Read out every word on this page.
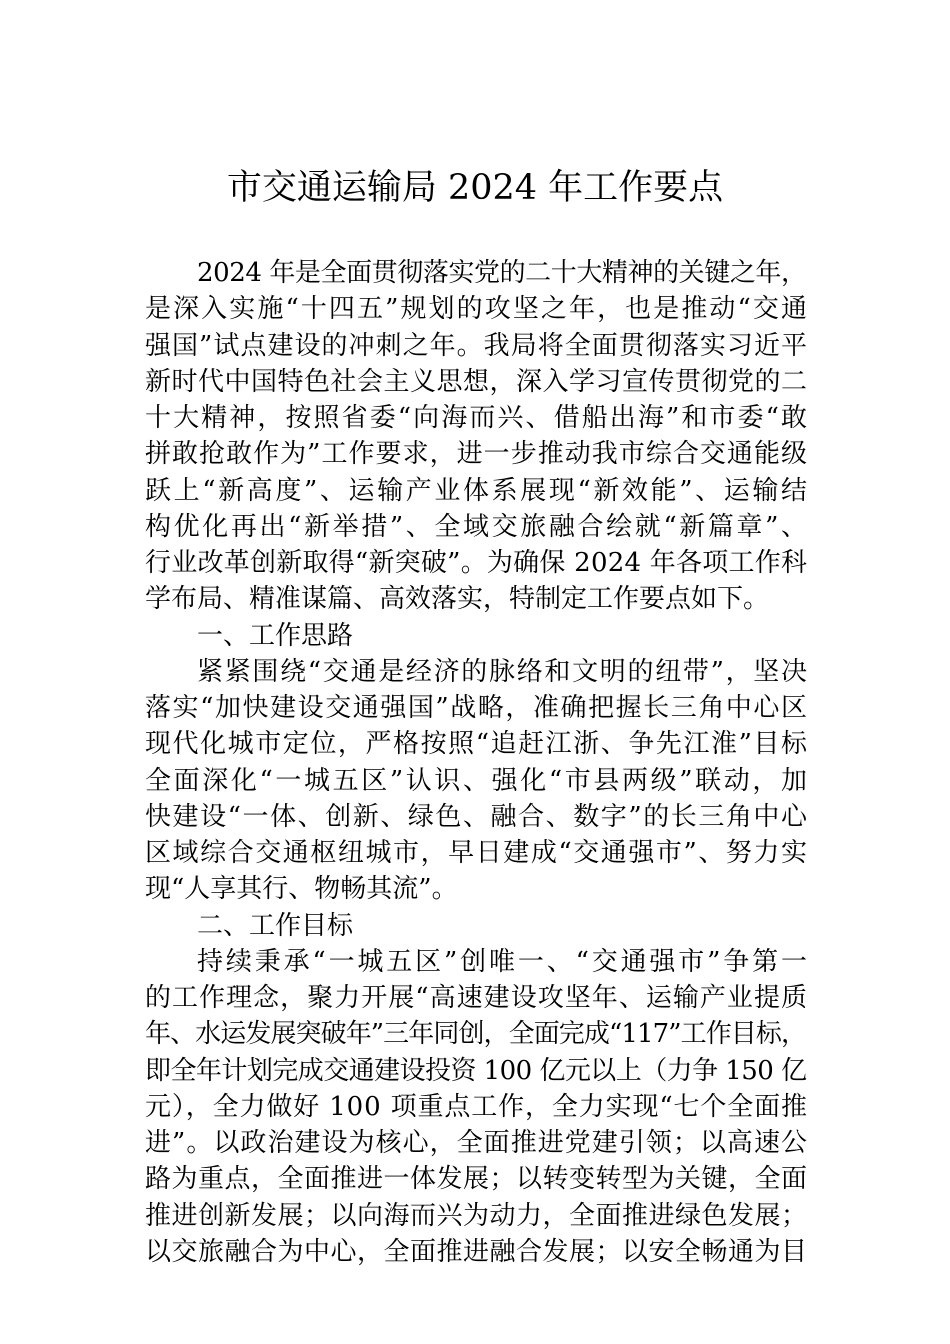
市交通运输局 2024 年工作要点
2024 年是全面贯彻落实党的二十大精神的关键之年，
是深入实施“十四五”规划的攻坚之年，也是推动“交通
强国”试点建设的冲刺之年。我局将全面贯彻落实习近平
新时代中国特色社会主义思想，深入学习宣传贯彻党的二
十大精神，按照省委“向海而兴、借船出海”和市委“敢
拼敢抢敢作为”工作要求，进一步推动我市综合交通能级
跃上“新高度”、运输产业体系展现“新效能”、运输结
构优化再出“新举措”、全域交旅融合绘就“新篇章”、
行业改革创新取得“新突破”。为确保 2024 年各项工作科
学布局、精准谋篇、高效落实，特制定工作要点如下。
一、工作思路
紧紧围绕“交通是经济的脉络和文明的纽带”，坚决
落实“加快建设交通强国”战略，准确把握长三角中心区
现代化城市定位，严格按照“追赶江浙、争先江淮”目标
全面深化“一城五区”认识、强化“市县两级”联动，加
快建设“一体、创新、绿色、融合、数字”的长三角中心
区域综合交通枢纽城市，早日建成“交通强市”、努力实
现“人享其行、物畅其流”。
二、工作目标
持续秉承“一城五区”创唯一、“交通强市”争第一
的工作理念，聚力开展“高速建设攻坚年、运输产业提质
年、水运发展突破年”三年同创，全面完成“117”工作目标，
即全年计划完成交通建设投资 100 亿元以上（力争 150 亿
元），全力做好 100 项重点工作，全力实现“七个全面推
进”。以政治建设为核心，全面推进党建引领；以高速公
路为重点，全面推进一体发展；以转变转型为关键，全面
推进创新发展；以向海而兴为动力，全面推进绿色发展；
以交旅融合为中心，全面推进融合发展；以安全畅通为目
